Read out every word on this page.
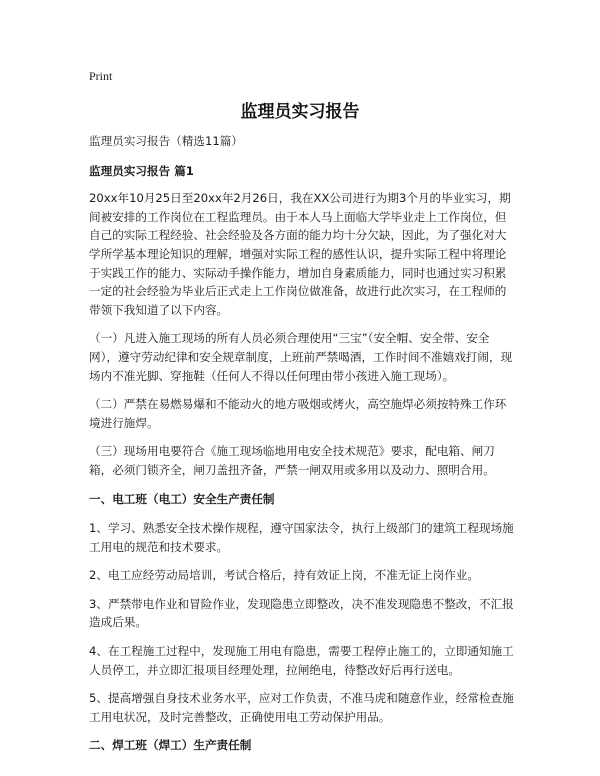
Print
监理员实习报告

监理员实习报告（精选11篇）

监理员实习报告 篇1

20xx年10月25日至20xx年2月26日，我在XX公司进行为期3个月的毕业实习，期间被安排的工作岗位在工程监理员。由于本人马上面临大学毕业走上工作岗位，但自己的实际工程经验、社会经验及各方面的能力均十分欠缺，因此，为了强化对大学所学基本理论知识的理解，增强对实际工程的感性认识，提升实际工程中将理论于实践工作的能力、实际动手操作能力，增加自身素质能力，同时也通过实习积累一定的社会经验为毕业后正式走上工作岗位做准备，故进行此次实习，在工程师的带领下我知道了以下内容。

（一）凡进入施工现场的所有人员必须合理使用“三宝”（安全帽、安全带、安全网），遵守劳动纪律和安全规章制度，上班前严禁喝酒，工作时间不准嬉戏打闹，现场内不准光脚、穿拖鞋（任何人不得以任何理由带小孩进入施工现场）。

（二）严禁在易燃易爆和不能动火的地方吸烟或烤火，高空施焊必须按特殊工作环境进行施焊。

（三）现场用电要符合《施工现场临地用电安全技术规范》要求，配电箱、闸刀箱，必须门锁齐全，闸刀盖扭齐备，严禁一闸双用或多用以及动力、照明合用。

一、电工班（电工）安全生产责任制

1、学习、熟悉安全技术操作规程，遵守国家法令，执行上级部门的建筑工程现场施工用电的规范和技术要求。

2、电工应经劳动局培训，考试合格后，持有效证上岗，不准无证上岗作业。

3、严禁带电作业和冒险作业，发现隐患立即整改，决不准发现隐患不整改，不汇报造成后果。

4、在工程施工过程中，发现施工用电有隐患，需要工程停止施工的，立即通知施工人员停工，并立即汇报项目经理处理，拉闸绝电，待整改好后再行送电。

5、提高增强自身技术业务水平，应对工作负责，不准马虎和随意作业，经常检查施工用电状况，及时完善整改，正确使用电工劳动保护用品。

二、焊工班（焊工）生产责任制
